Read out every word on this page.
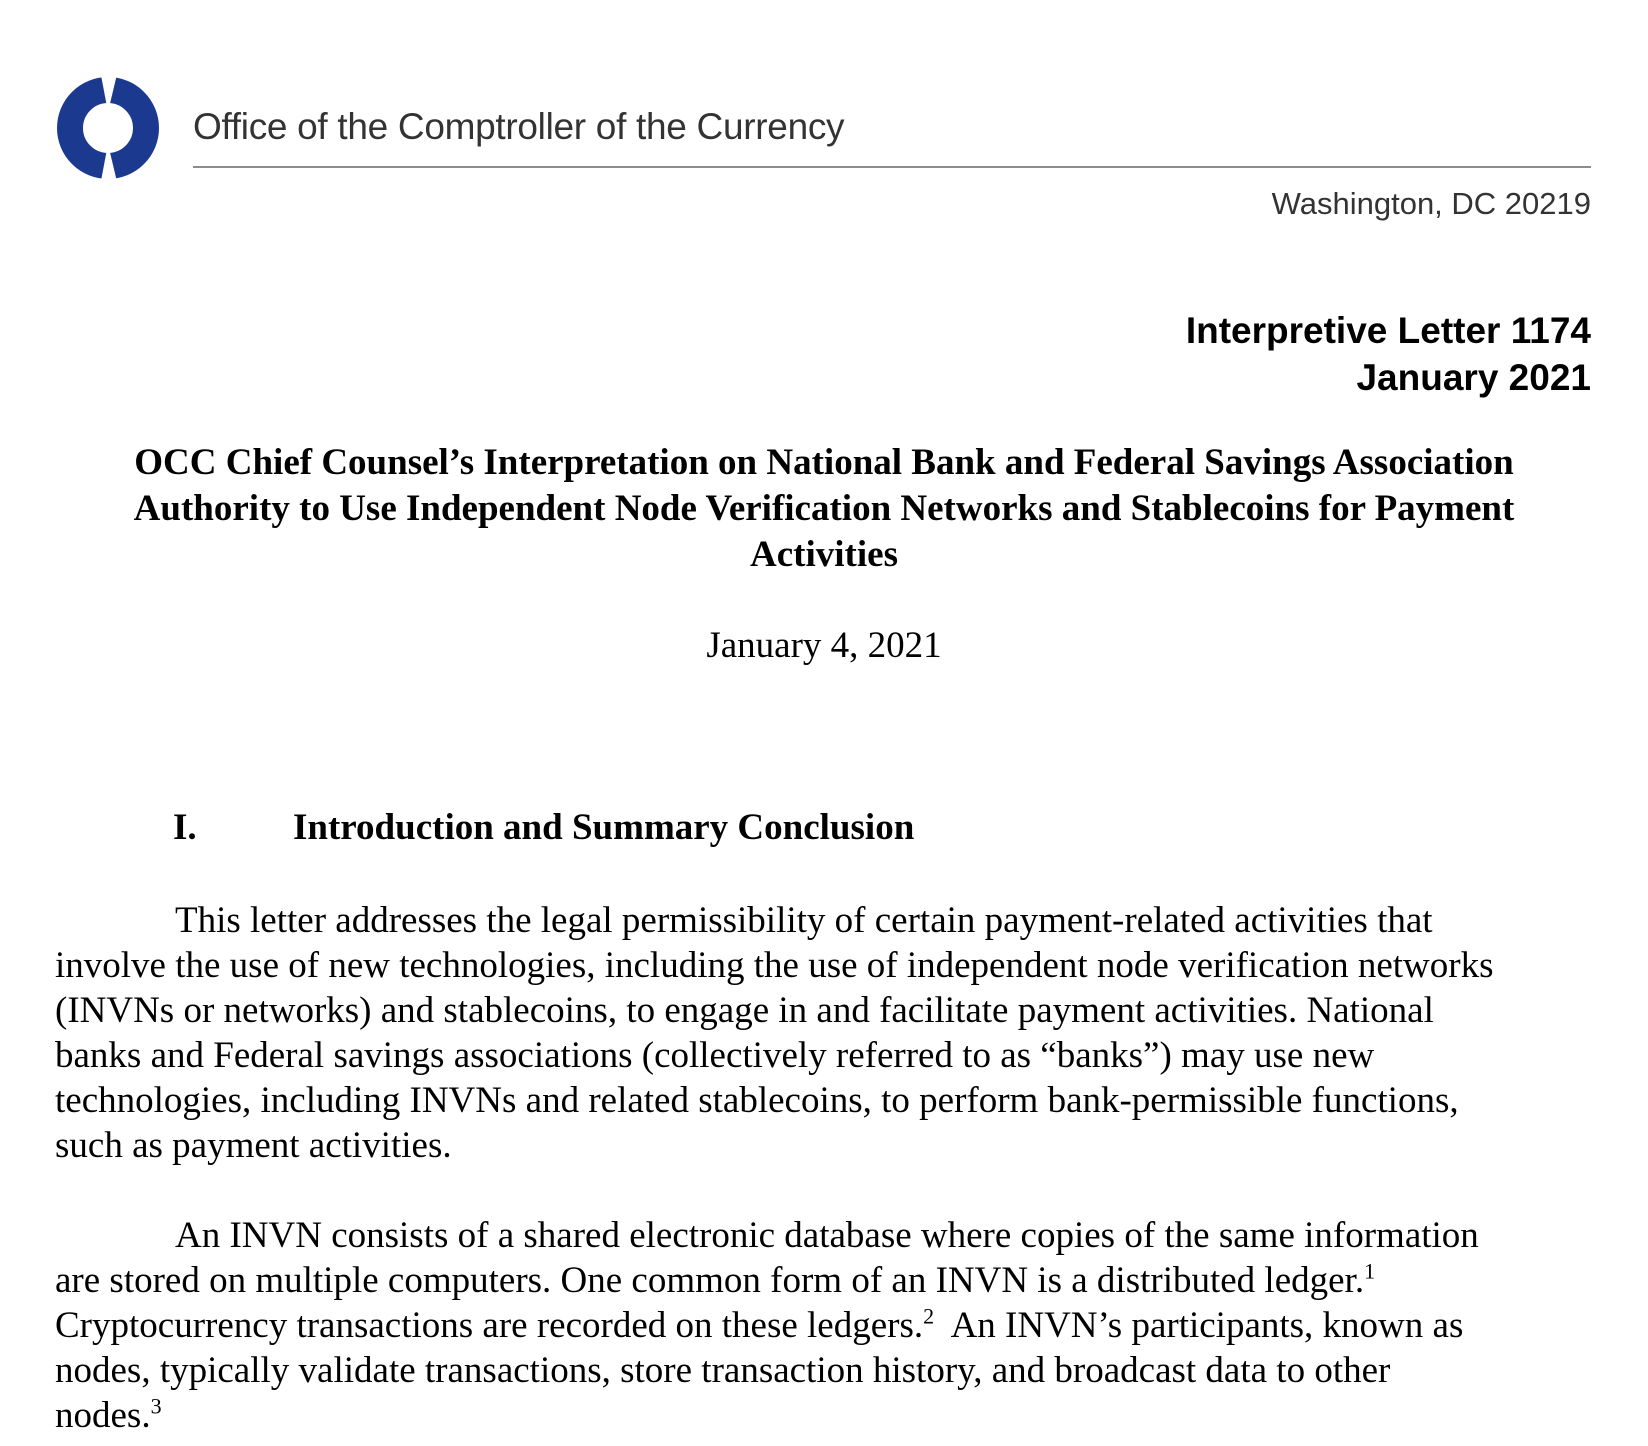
Office of the Comptroller of the Currency
Washington, DC 20219
Interpretive Letter 1174
January 2021
OCC Chief Counsel’s Interpretation on National Bank and Federal Savings Association
Authority to Use Independent Node Verification Networks and Stablecoins for Payment
Activities
January 4, 2021
I.	Introduction and Summary Conclusion
This letter addresses the legal permissibility of certain payment-related activities that
involve the use of new technologies, including the use of independent node verification networks
(INVNs or networks) and stablecoins, to engage in and facilitate payment activities. National
banks and Federal savings associations (collectively referred to as “banks”) may use new
technologies, including INVNs and related stablecoins, to perform bank-permissible functions,
such as payment activities.
An INVN consists of a shared electronic database where copies of the same information
are stored on multiple computers. One common form of an INVN is a distributed ledger.$^1$
Cryptocurrency transactions are recorded on these ledgers.$^2$  An INVN’s participants, known as
nodes, typically validate transactions, store transaction history, and broadcast data to other
nodes.$^3$
